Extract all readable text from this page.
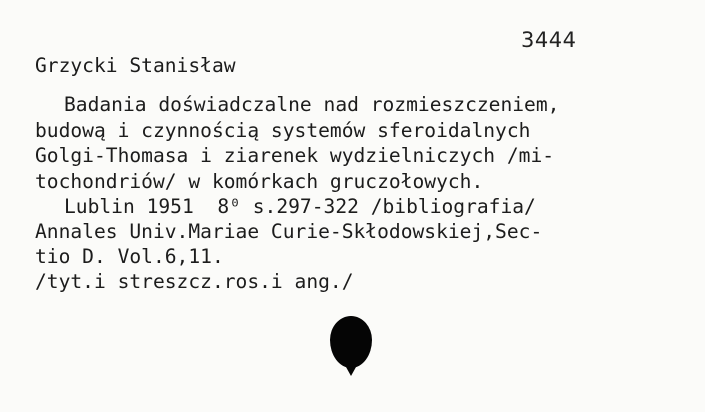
3444
Grzycki Stanisław
Badania doświadczalne nad rozmieszczeniem,
budową i czynnością systemów sferoidalnych
Golgi-Thomasa i ziarenek wydzielniczych /mi-
tochondriów/ w komórkach gruczołowych.
Lublin 1951  8⁰ s.297-322 /bibliografia/
Annales Univ.Mariae Curie-Skłodowskiej,Sec-
tio D. Vol.6,11.
/tyt.i streszcz.ros.i ang./
